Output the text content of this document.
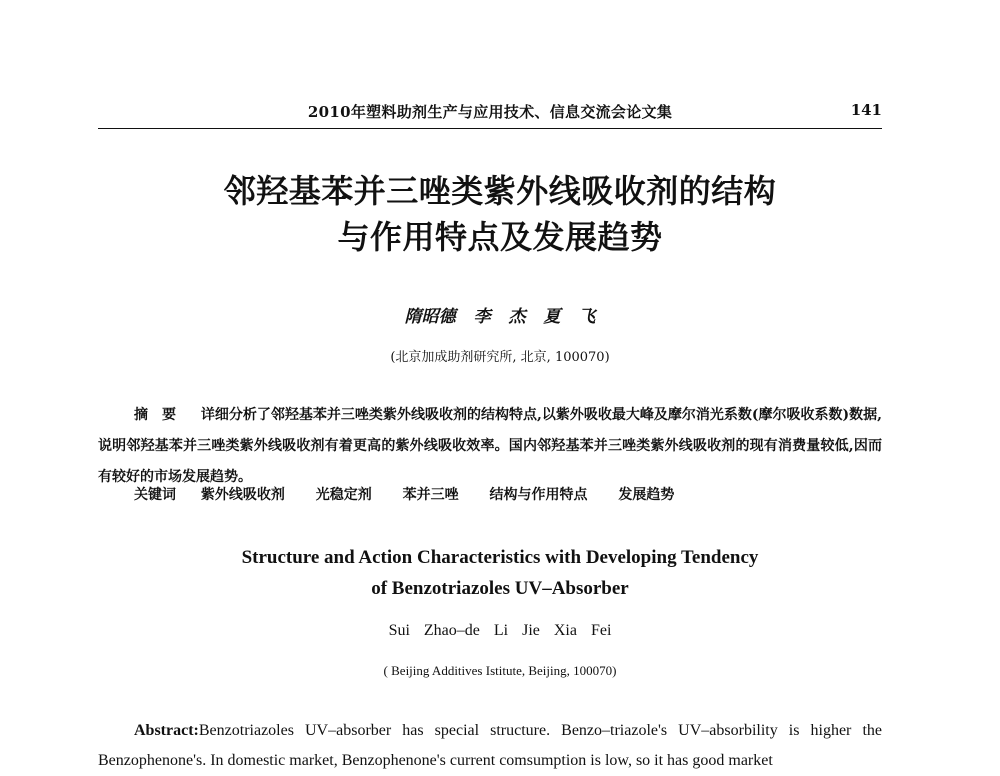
2010年塑料助剂生产与应用技术、信息交流会论文集	141
邻羟基苯并三唑类紫外线吸收剂的结构
与作用特点及发展趋势
隋昭德 李 杰 夏 飞
(北京加成助剂研究所, 北京, 100070)
摘要 详细分析了邻羟基苯并三唑类紫外线吸收剂的结构特点,以紫外吸收最大峰及摩尔消光系数(摩尔吸收系数)数据,说明邻羟基苯并三唑类紫外线吸收剂有着更高的紫外线吸收效率。国内邻羟基苯并三唑类紫外线吸收剂的现有消费量较低,因而有较好的市场发展趋势。
关键词 紫外线吸收剂 光稳定剂 苯并三唑 结构与作用特点 发展趋势
Structure and Action Characteristics with Developing Tendency
of Benzotriazoles UV–Absorber
Sui Zhao–de Li Jie Xia Fei
( Beijing Additives Istitute, Beijing, 100070)
Abstract:Benzotriazoles UV–absorber has special structure. Benzo–triazole's UV–absorbility is higher the Benzophenone's. In domestic market, Benzophenone's current comsumption is low, so it has good market
